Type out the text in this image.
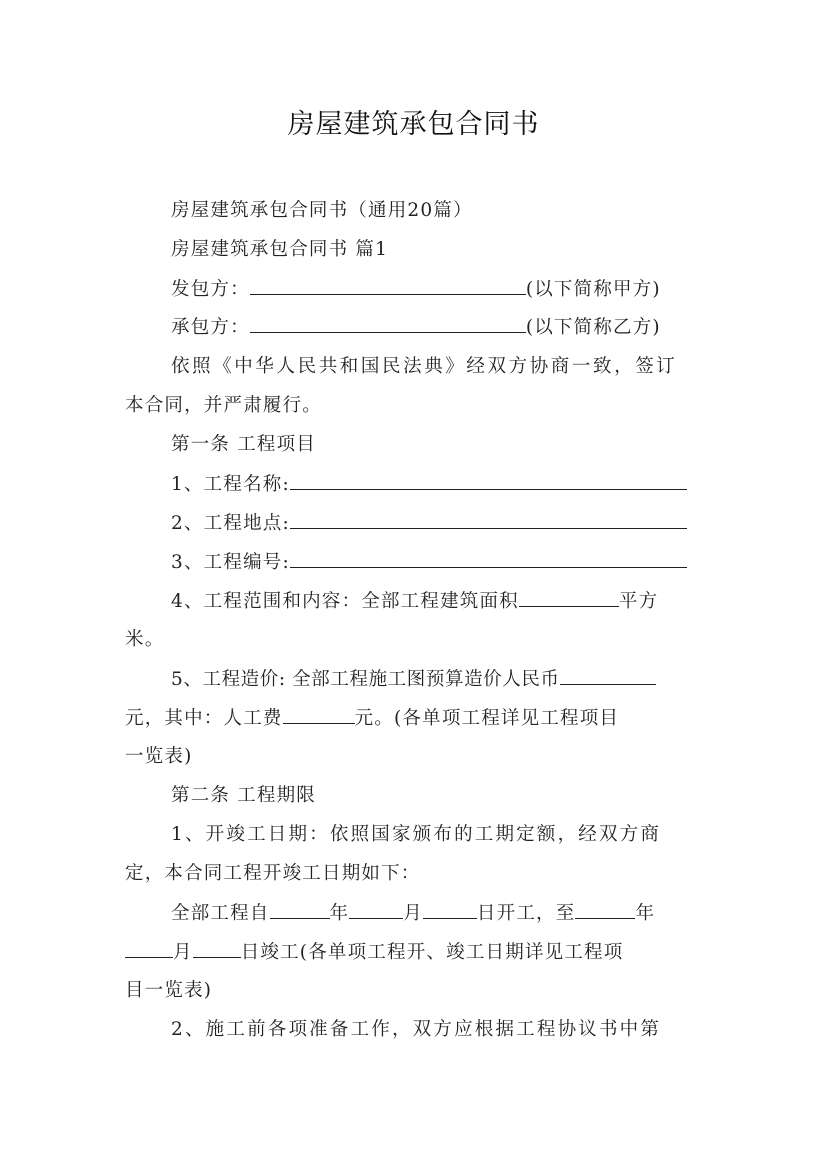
房屋建筑承包合同书
房屋建筑承包合同书（通用20篇）
房屋建筑承包合同书 篇1
发包方：	(以下简称甲方)
承包方：	(以下简称乙方)
依照《中华人民共和国民法典》经双方协商一致，签订
本合同，并严肃履行。
第一条 工程项目
1、工程名称:
2、工程地点:
3、工程编号:
4、工程范围和内容：全部工程建筑面积	平方
米。
5、工程造价: 全部工程施工图预算造价人民币
元，其中：人工费	元。(各单项工程详见工程项目
一览表)
第二条 工程期限
1、开竣工日期：依照国家颁布的工期定额，经双方商
定，本合同工程开竣工日期如下：
全部工程自	年	月	日开工，至	年
月	日竣工(各单项工程开、竣工日期详见工程项
目一览表)
2、施工前各项准备工作，双方应根据工程协议书中第
